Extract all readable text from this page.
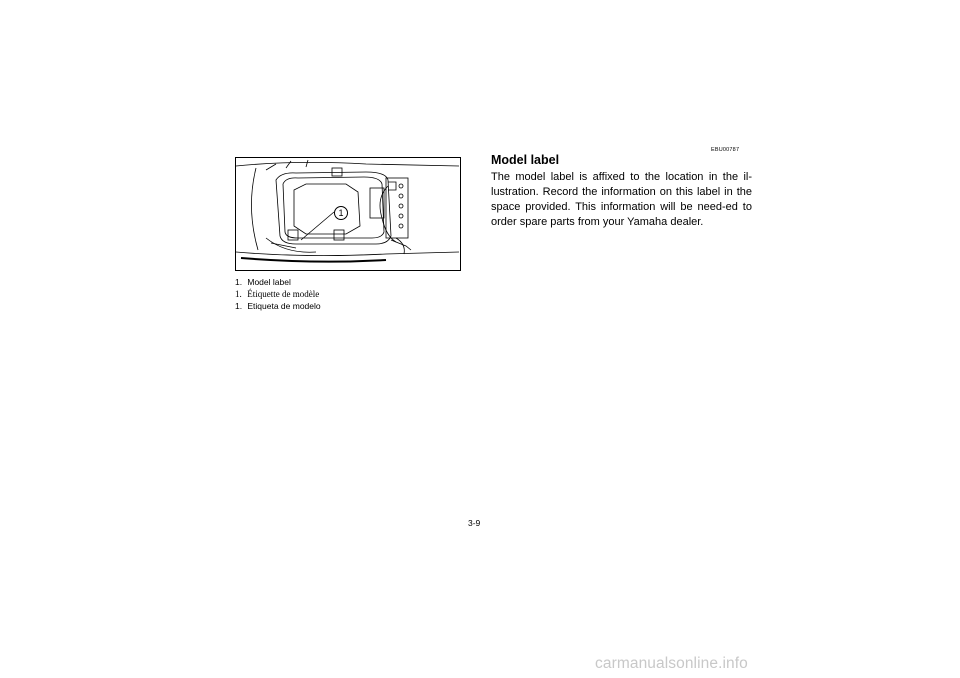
1
1. Model label
1. Étiquette de modèle
1. Etiqueta de modelo
EBU00787
Model label

The model label is affixed to the location in the il-lustration. Record the information on this label in the space provided. This information will be need-ed to order spare parts from your Yamaha dealer.

3-9
carmanualsonline.info
